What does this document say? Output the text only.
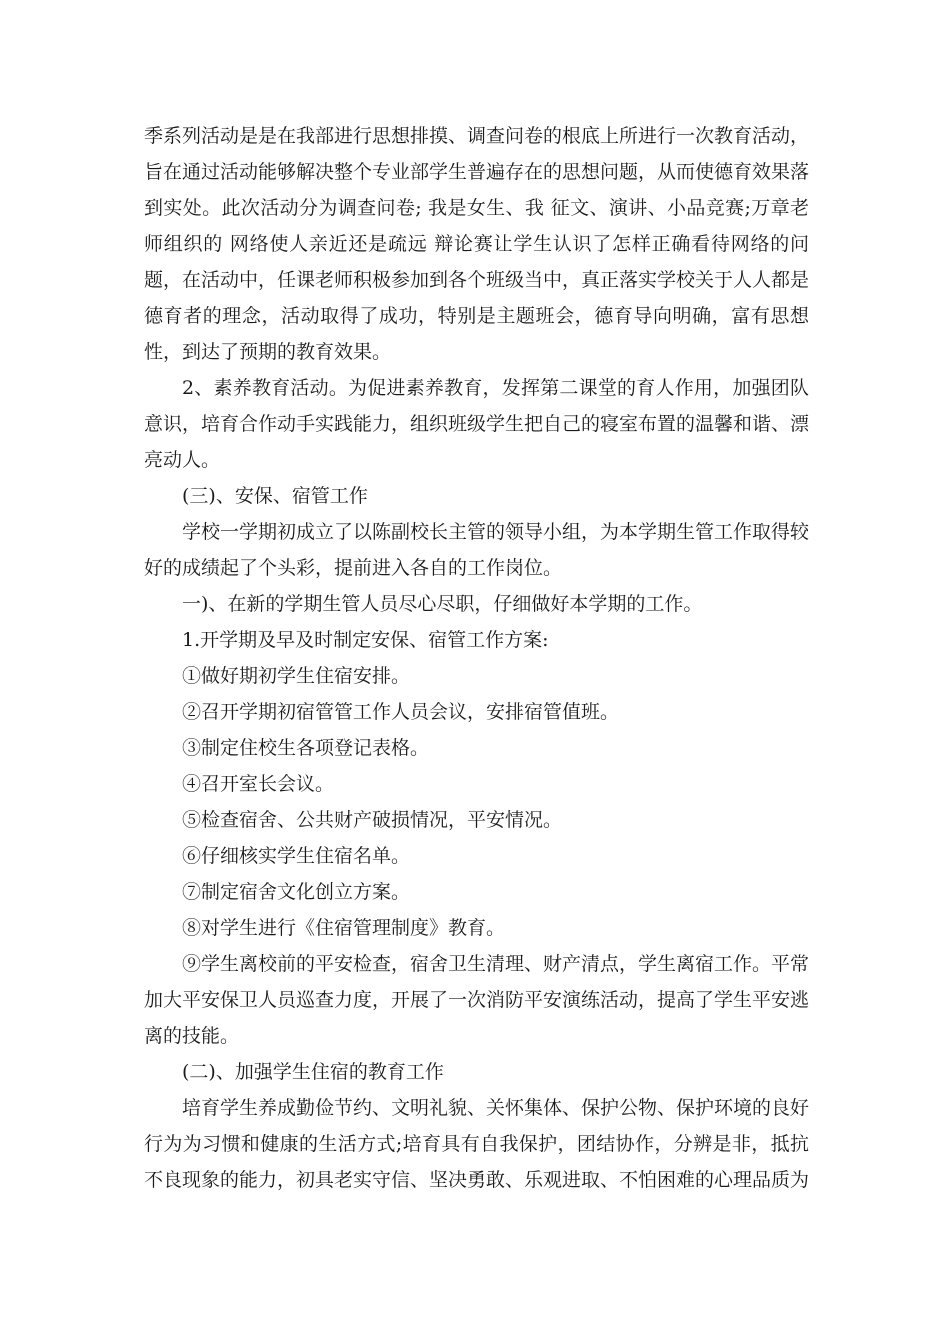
季系列活动是是在我部进行思想排摸、调查问卷的根底上所进行一次教育活动，旨在通过活动能够解决整个专业部学生普遍存在的思想问题，从而使德育效果落到实处。此次活动分为调查问卷; 我是女生、我 征文、演讲、小品竞赛;万章老师组织的 网络使人亲近还是疏远 辩论赛让学生认识了怎样正确看待网络的问题，在活动中，任课老师积极参加到各个班级当中，真正落实学校关于人人都是德育者的理念，活动取得了成功，特别是主题班会，德育导向明确，富有思想性，到达了预期的教育效果。

2、素养教育活动。为促进素养教育，发挥第二课堂的育人作用，加强团队意识，培育合作动手实践能力，组织班级学生把自己的寝室布置的温馨和谐、漂亮动人。

(三)、安保、宿管工作

学校一学期初成立了以陈副校长主管的领导小组，为本学期生管工作取得较好的成绩起了个头彩，提前进入各自的工作岗位。

一)、在新的学期生管人员尽心尽职，仔细做好本学期的工作。

1.开学期及早及时制定安保、宿管工作方案:

①做好期初学生住宿安排。

②召开学期初宿管管工作人员会议，安排宿管值班。

③制定住校生各项登记表格。

④召开室长会议。

⑤检查宿舍、公共财产破损情况，平安情况。

⑥仔细核实学生住宿名单。

⑦制定宿舍文化创立方案。

⑧对学生进行《住宿管理制度》教育。

⑨学生离校前的平安检查，宿舍卫生清理、财产清点，学生离宿工作。平常加大平安保卫人员巡查力度，开展了一次消防平安演练活动，提高了学生平安逃离的技能。

(二)、加强学生住宿的教育工作

培育学生养成勤俭节约、文明礼貌、关怀集体、保护公物、保护环境的良好行为为习惯和健康的生活方式;培育具有自我保护，团结协作，分辨是非，抵抗不良现象的能力，初具老实守信、坚决勇敢、乐观进取、不怕困难的心理品质为
